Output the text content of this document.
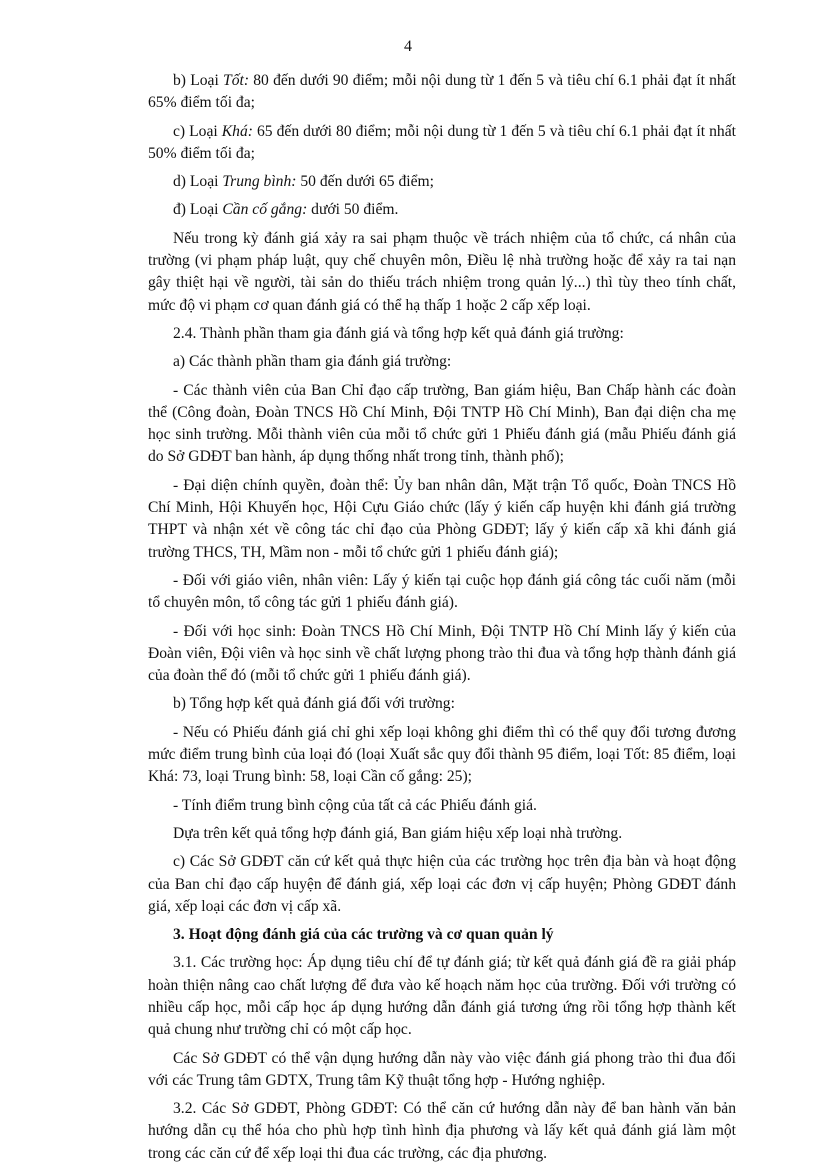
4

b) Loại Tốt: 80 đến dưới 90 điểm; mỗi nội dung từ 1 đến 5 và tiêu chí 6.1 phải đạt ít nhất 65% điểm tối đa;

c) Loại Khá: 65 đến dưới 80 điểm; mỗi nội dung từ 1 đến 5 và tiêu chí 6.1 phải đạt ít nhất 50% điểm tối đa;

d) Loại Trung bình: 50 đến dưới 65 điểm;

đ) Loại Cần cố gắng: dưới 50 điểm.

Nếu trong kỳ đánh giá xảy ra sai phạm thuộc về trách nhiệm của tổ chức, cá nhân của trường (vi phạm pháp luật, quy chế chuyên môn, Điều lệ nhà trường hoặc để xảy ra tai nạn gây thiệt hại về người, tài sản do thiếu trách nhiệm trong quản lý...) thì tùy theo tính chất, mức độ vi phạm cơ quan đánh giá có thể hạ thấp 1 hoặc 2 cấp xếp loại.

2.4. Thành phần tham gia đánh giá và tổng hợp kết quả đánh giá trường:

a) Các thành phần tham gia đánh giá trường:

- Các thành viên của Ban Chỉ đạo cấp trường, Ban giám hiệu, Ban Chấp hành các đoàn thể (Công đoàn, Đoàn TNCS Hồ Chí Minh, Đội TNTP Hồ Chí Minh), Ban đại diện cha mẹ học sinh trường. Mỗi thành viên của mỗi tổ chức gửi 1 Phiếu đánh giá (mẫu Phiếu đánh giá do Sở GDĐT ban hành, áp dụng thống nhất trong tỉnh, thành phố);

- Đại diện chính quyền, đoàn thể: Ủy ban nhân dân, Mặt trận Tổ quốc, Đoàn TNCS Hồ Chí Minh, Hội Khuyến học, Hội Cựu Giáo chức (lấy ý kiến cấp huyện khi đánh giá trường THPT và nhận xét về công tác chỉ đạo của Phòng GDĐT; lấy ý kiến cấp xã khi đánh giá trường THCS, TH, Mầm non - mỗi tổ chức gửi 1 phiếu đánh giá);

- Đối với giáo viên, nhân viên: Lấy ý kiến tại cuộc họp đánh giá công tác cuối năm (mỗi tổ chuyên môn, tổ công tác gửi 1 phiếu đánh giá).

- Đối với học sinh: Đoàn TNCS Hồ Chí Minh, Đội TNTP Hồ Chí Minh lấy ý kiến của Đoàn viên, Đội viên và học sinh về chất lượng phong trào thi đua và tổng hợp thành đánh giá của đoàn thể đó (mỗi tổ chức gửi 1 phiếu đánh giá).

b) Tổng hợp kết quả đánh giá đối với trường:

- Nếu có Phiếu đánh giá chỉ ghi xếp loại không ghi điểm thì có thể quy đổi tương đương mức điểm trung bình của loại đó (loại Xuất sắc quy đổi thành 95 điểm, loại Tốt: 85 điểm, loại Khá: 73, loại Trung bình: 58, loại Cần cố gắng: 25);

- Tính điểm trung bình cộng của tất cả các Phiếu đánh giá.

Dựa trên kết quả tổng hợp đánh giá, Ban giám hiệu xếp loại nhà trường.

c) Các Sở GDĐT căn cứ kết quả thực hiện của các trường học trên địa bàn và hoạt động của Ban chỉ đạo cấp huyện để đánh giá, xếp loại các đơn vị cấp huyện; Phòng GDĐT đánh giá, xếp loại các đơn vị cấp xã.

3. Hoạt động đánh giá của các trường và cơ quan quản lý

3.1. Các trường học: Áp dụng tiêu chí để tự đánh giá; từ kết quả đánh giá đề ra giải pháp hoàn thiện nâng cao chất lượng để đưa vào kế hoạch năm học của trường. Đối với trường có nhiều cấp học, mỗi cấp học áp dụng hướng dẫn đánh giá tương ứng rồi tổng hợp thành kết quả chung như trường chỉ có một cấp học.

Các Sở GDĐT có thể vận dụng hướng dẫn này vào việc đánh giá phong trào thi đua đối với các Trung tâm GDTX, Trung tâm Kỹ thuật tổng hợp - Hướng nghiệp.

3.2. Các Sở GDĐT, Phòng GDĐT: Có thể căn cứ hướng dẫn này để ban hành văn bản hướng dẫn cụ thể hóa cho phù hợp tình hình địa phương và lấy kết quả đánh giá làm một trong các căn cứ để xếp loại thi đua các trường, các địa phương.
